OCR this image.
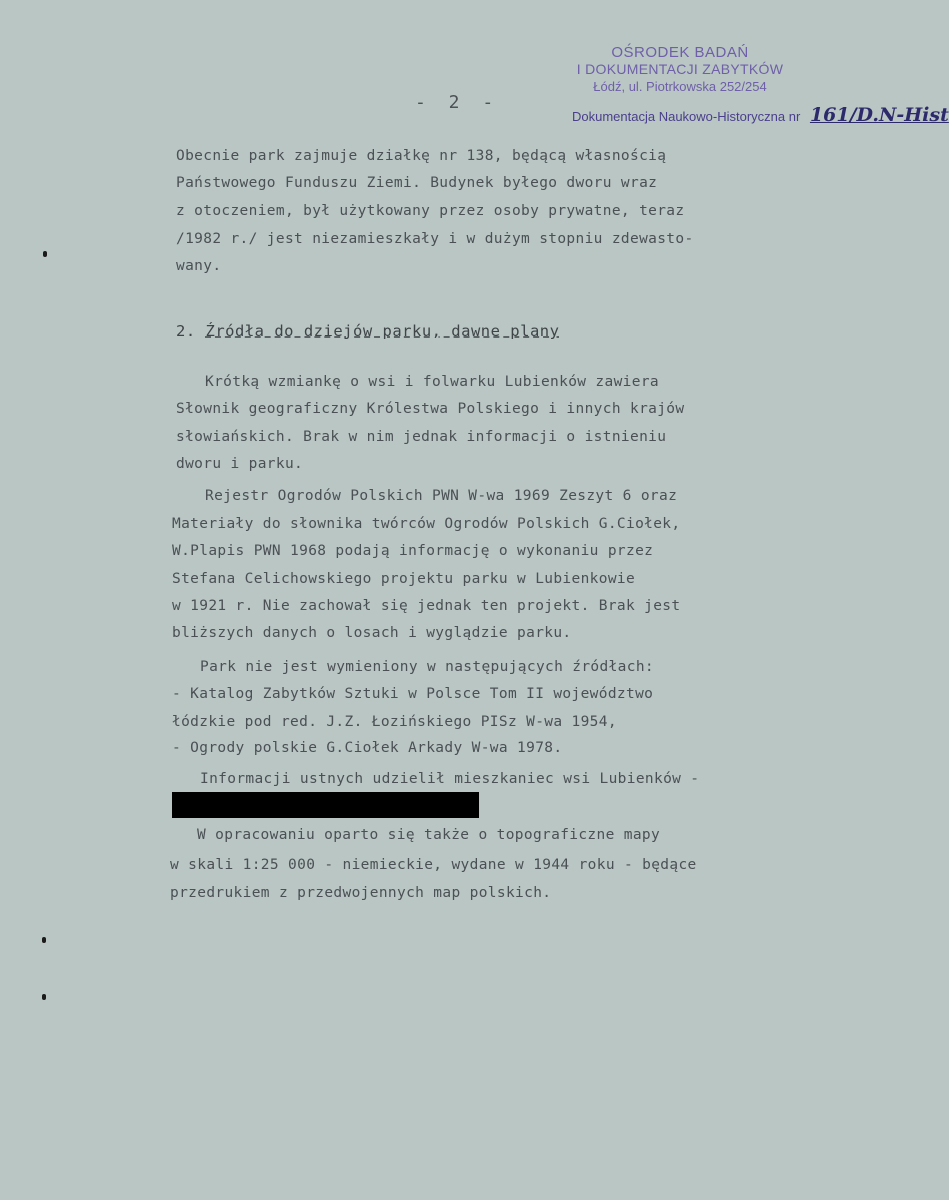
OŚRODEK BADAŃ
I DOKUMENTACJI ZABYTKÓW
Łódź, ul. Piotrkowska 252/254
Dokumentacja Naukowo-Historyczna nr 161/D.N-Hist
- 2 -
Obecnie park zajmuje działkę nr 138, będącą własnością
Państwowego Funduszu Ziemi. Budynek byłego dworu wraz
z otoczeniem, był użytkowany przez osoby prywatne, teraz
/1982 r./ jest niezamieszkały i w dużym stopniu zdewasto-
wany.
2. Źródła do dziejów parku, dawne plany
Krótką wzmiankę o wsi i folwarku Lubienków zawiera
Słownik geograficzny Królestwa Polskiego i innych krajów
słowiańskich. Brak w nim jednak informacji o istnieniu
dworu i parku.
Rejestr Ogrodów Polskich PWN W-wa 1969 Zeszyt 6 oraz
Materiały do słownika twórców Ogrodów Polskich G.Ciołek,
W.Plapis PWN 1968 podają informację o wykonaniu przez
Stefana Celichowskiego projektu parku w Lubienkowie
w 1921 r. Nie zachował się jednak ten projekt. Brak jest
bliższych danych o losach i wyglądzie parku.
Park nie jest wymieniony w następujących źródłach:
- Katalog Zabytków Sztuki w Polsce Tom II województwo
łódzkie pod red. J.Z. Łozińskiego PISz W-wa 1954,
- Ogrody polskie G.Ciołek Arkady W-wa 1978.
Informacji ustnych udzielił mieszkaniec wsi Lubienków -
W opracowaniu oparto się także o topograficzne mapy
w skali 1:25 000 - niemieckie, wydane w 1944 roku - będące
przedrukiem z przedwojennych map polskich.
